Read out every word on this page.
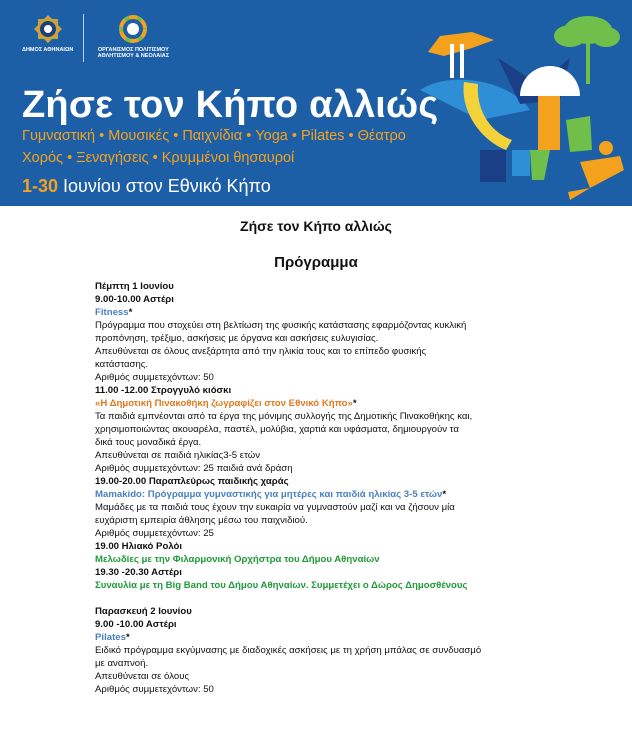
ΔΗΜΟΣ ΑΘΗΝΑΙΩΝ	ΟΡΓΑΝΙΣΜΟΣ ΠΟΛΙΤΙΣΜΟΥ ΑΘΛΗΤΙΣΜΟΥ & ΝΕΟΛΑΙΑΣ
Ζήσε τον Κήπο αλλιώς
Γυμναστική • Μουσικές • Παιχνίδια • Yoga • Pilates • Θέατρο
Χορός • Ξεναγήσεις • Κρυμμένοι θησαυροί
1-30 Ιουνίου στον Εθνικό Κήπο
Ζήσε τον Κήπο αλλιώς
Πρόγραμμα
Πέμπτη 1 Ιουνίου
9.00-10.00 Αστέρι
Fitness*
Πρόγραμμα που στοχεύει στη βελτίωση της φυσικής κατάστασης εφαρμόζοντας κυκλική
προπόνηση, τρέξιμο, ασκήσεις με όργανα και ασκήσεις ευλυγισίας.
Απευθύνεται σε όλους ανεξάρτητα από την ηλικία τους και το επίπεδο φυσικής
κατάστασης.
Αριθμός συμμετεχόντων: 50
11.00 -12.00 Στρογγυλό κιόσκι
«Η Δημοτική Πινακοθήκη ζωγραφίζει στον Εθνικό Κήπο»*
Τα παιδιά εμπνέονται από τα έργα της μόνιμης συλλογής της Δημοτικής Πινακοθήκης και,
χρησιμοποιώντας ακουαρέλα, παστέλ, μολύβια, χαρτιά και υφάσματα, δημιουργούν τα
δικά τους μοναδικά έργα.
Απευθύνεται σε παιδιά ηλικίας3-5 ετών
Αριθμός συμμετεχόντων: 25 παιδιά ανά δράση
19.00-20.00 Παραπλεύρως παιδικής χαράς
Mamakido: Πρόγραμμα γυμναστικής για μητέρες και παιδιά ηλικίας 3-5 ετών*
Μαμάδες με τα παιδιά τους έχουν την ευκαιρία να γυμναστούν μαζί και να ζήσουν μία
ευχάριστη εμπειρία άθλησης μέσω του παιχνιδιού.
Αριθμός συμμετεχόντων: 25
19.00 Ηλιακό Ρολόι
Μελωδίες με την Φιλαρμονική Ορχήστρα του Δήμου Αθηναίων
19.30 -20.30 Αστέρι
Συναυλία με τη Big Band του Δήμου Αθηναίων. Συμμετέχει ο Δώρος Δημοσθένους
Παρασκευή 2 Ιουνίου
9.00 -10.00 Αστέρι
Pilates*
Ειδικό πρόγραμμα εκγύμνασης με διαδοχικές ασκήσεις με τη χρήση μπάλας σε συνδυασμό
με αναπνοή.
Απευθύνεται σε όλους
Αριθμός συμμετεχόντων: 50
